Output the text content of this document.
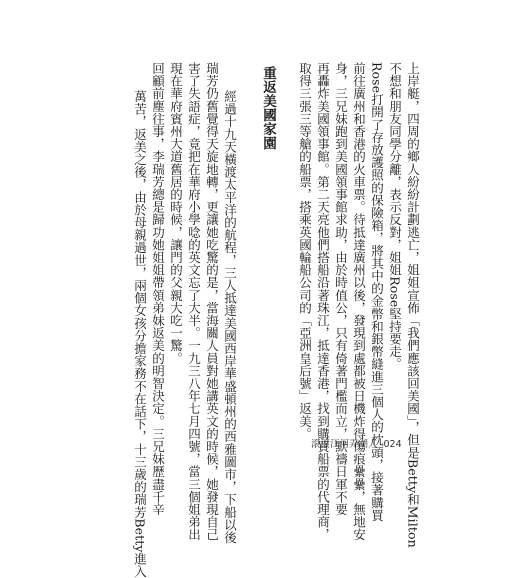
上岸艇，四周的鄉人紛紛計劃逃亡，姐姐宣佈「我們應該回美國」，但是Betty和Milton
不想和朋友同學分離，表示反對，姐姐Rose堅持要走。
Rose打開了存放護照的保險箱，將其中的金幣和銀幣縫進三個人的枕頭，接著購買
前往廣州和香港的火車票。待抵達廣州以後，發現到處都被日機炸得傷痕纍纍，無地安
身，三兄妹跑到美國領事館求助，由於時值公，只有倚著門檻而立，默禱日軍不要
再轟炸美國領事館。第二天亮他們搭船沿著珠江，抵達香港，找到購買船票的代理商，
取得三張三等艙的船票，搭乘英國輪船公司的「亞洲皇后號」返美。
重返美國家園
經過十九天橫渡太平洋的航程，三人抵達美國西岸華盛頓州的西雅圖市，下船以後
瑞芳仍舊覺得天旋地轉，更讓她吃驚的是，當海關人員對她講英文的時候，她發現自己
害了失語症，竟把在華府小學唸的英文忘了大半。一九三八年七月四號，當三個姐弟出
現在華府賓州大道舊居的時候，讓門的父親大吃一驚。
回顧前塵往事，李瑞芳總是歸功她姐姐帶領弟妹返美的明智決定。三兄妹歷盡千辛
萬苦，返美之後，由於母親過世，兩個女孩分擔家務不在話下，十三歲的瑞芳Betty進入	滾滾江河弄潮人 024
